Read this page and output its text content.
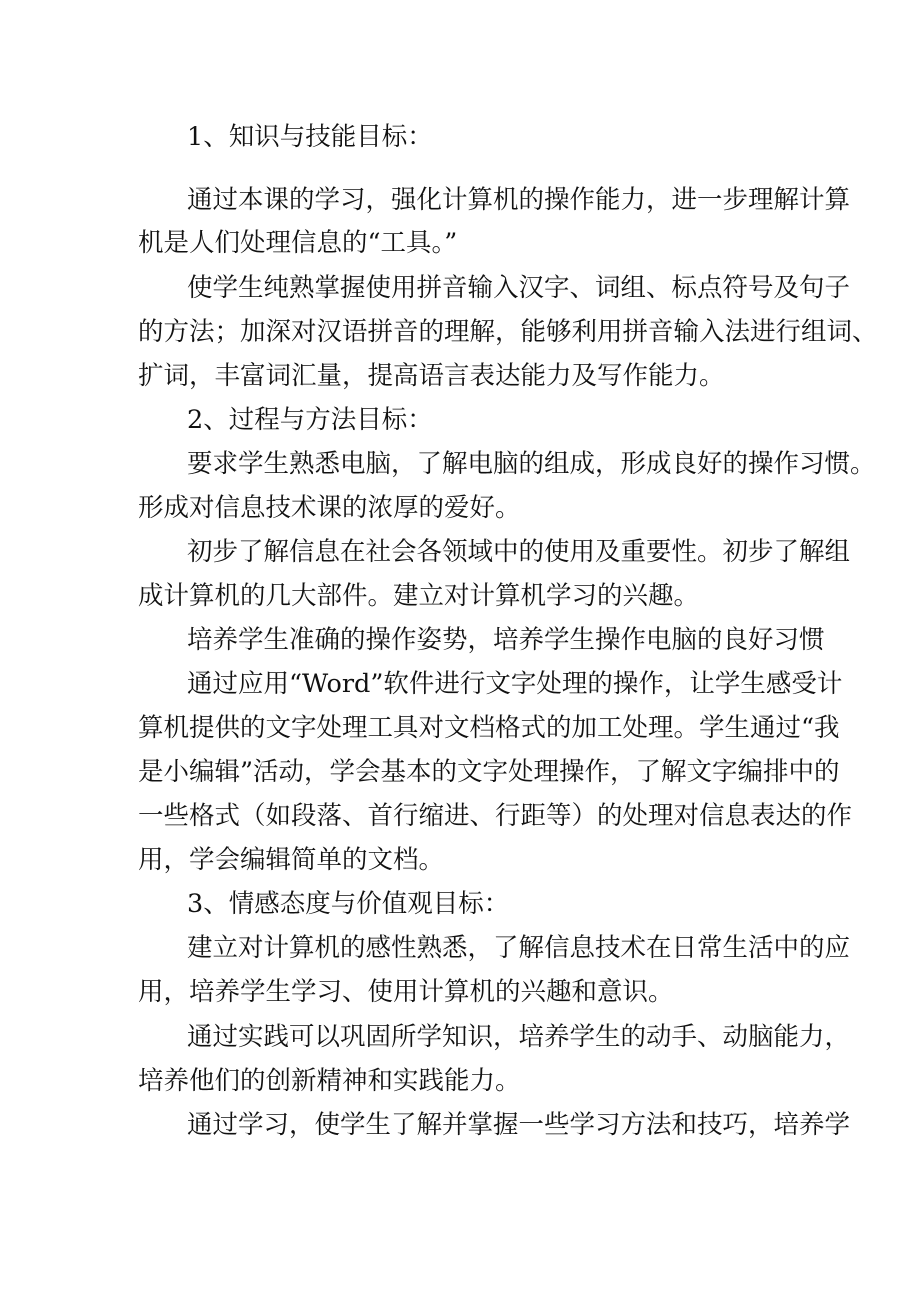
1、知识与技能目标：

通过本课的学习，强化计算机的操作能力，进一步理解计算

机是人们处理信息的“工具。”

使学生纯熟掌握使用拼音输入汉字、词组、标点符号及句子

的方法；加深对汉语拼音的理解，能够利用拼音输入法进行组词、

扩词，丰富词汇量，提高语言表达能力及写作能力。

2、过程与方法目标：

要求学生熟悉电脑，了解电脑的组成，形成良好的操作习惯。

形成对信息技术课的浓厚的爱好。

初步了解信息在社会各领域中的使用及重要性。初步了解组

成计算机的几大部件。建立对计算机学习的兴趣。

培养学生准确的操作姿势，培养学生操作电脑的良好习惯

通过应用“Word”软件进行文字处理的操作，让学生感受计

算机提供的文字处理工具对文档格式的加工处理。学生通过“我

是小编辑”活动，学会基本的文字处理操作，了解文字编排中的

一些格式（如段落、首行缩进、行距等）的处理对信息表达的作

用，学会编辑简单的文档。

3、情感态度与价值观目标：

建立对计算机的感性熟悉，了解信息技术在日常生活中的应

用，培养学生学习、使用计算机的兴趣和意识。

通过实践可以巩固所学知识，培养学生的动手、动脑能力，

培养他们的创新精神和实践能力。

通过学习，使学生了解并掌握一些学习方法和技巧，培养学
